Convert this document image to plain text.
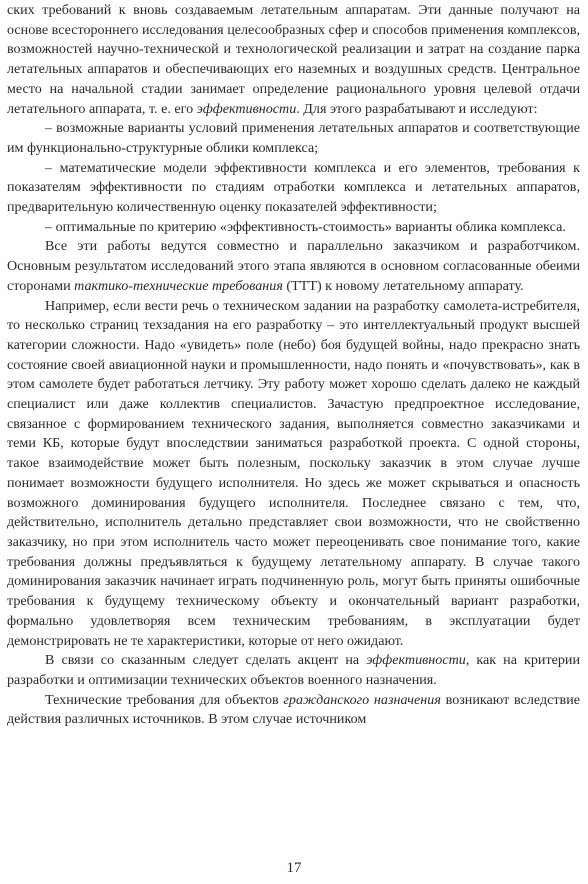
ских требований к вновь создаваемым летательным аппаратам. Эти данные получают на основе всестороннего исследования целесообразных сфер и способов применения комплексов, возможностей научно-технической и технологической реализации и затрат на создание парка летательных аппаратов и обеспечивающих его наземных и воздушных средств. Центральное место на начальной стадии занимает определение рационального уровня целевой отдачи летательного аппарата, т. е. его эффективности. Для этого разрабатывают и исследуют:

– возможные варианты условий применения летательных аппаратов и соответствующие им функционально-структурные облики комплекса;

– математические модели эффективности комплекса и его элементов, требования к показателям эффективности по стадиям отработки комплекса и летательных аппаратов, предварительную количественную оценку показателей эффективности;

– оптимальные по критерию «эффективность-стоимость» варианты облика комплекса.

Все эти работы ведутся совместно и параллельно заказчиком и разработчиком. Основным результатом исследований этого этапа являются в основном согласованные обеими сторонами тактико-технические требования (ТТТ) к новому летательному аппарату.

Например, если вести речь о техническом задании на разработку самолета-истребителя, то несколько страниц техзадания на его разработку – это интеллектуальный продукт высшей категории сложности. Надо «увидеть» поле (небо) боя будущей войны, надо прекрасно знать состояние своей авиационной науки и промышленности, надо понять и «почувствовать», как в этом самолете будет работаться летчику. Эту работу может хорошо сделать далеко не каждый специалист или даже коллектив специалистов. Зачастую предпроектное исследование, связанное с формированием технического задания, выполняется совместно заказчиками и теми КБ, которые будут впоследствии заниматься разработкой проекта. С одной стороны, такое взаимодействие может быть полезным, поскольку заказчик в этом случае лучше понимает возможности будущего исполнителя. Но здесь же может скрываться и опасность возможного доминирования будущего исполнителя. Последнее связано с тем, что, действительно, исполнитель детально представляет свои возможности, что не свойственно заказчику, но при этом исполнитель часто может переоценивать свое понимание того, какие требования должны предъявляться к будущему летательному аппарату. В случае такого доминирования заказчик начинает играть подчиненную роль, могут быть приняты ошибочные требования к будущему техническому объекту и окончательный вариант разработки, формально удовлетворяя всем техническим требованиям, в эксплуатации будет демонстрировать не те характеристики, которые от него ожидают.

В связи со сказанным следует сделать акцент на эффективности, как на критерии разработки и оптимизации технических объектов военного назначения.

Технические требования для объектов гражданского назначения возникают вследствие действия различных источников. В этом случае источником

17
